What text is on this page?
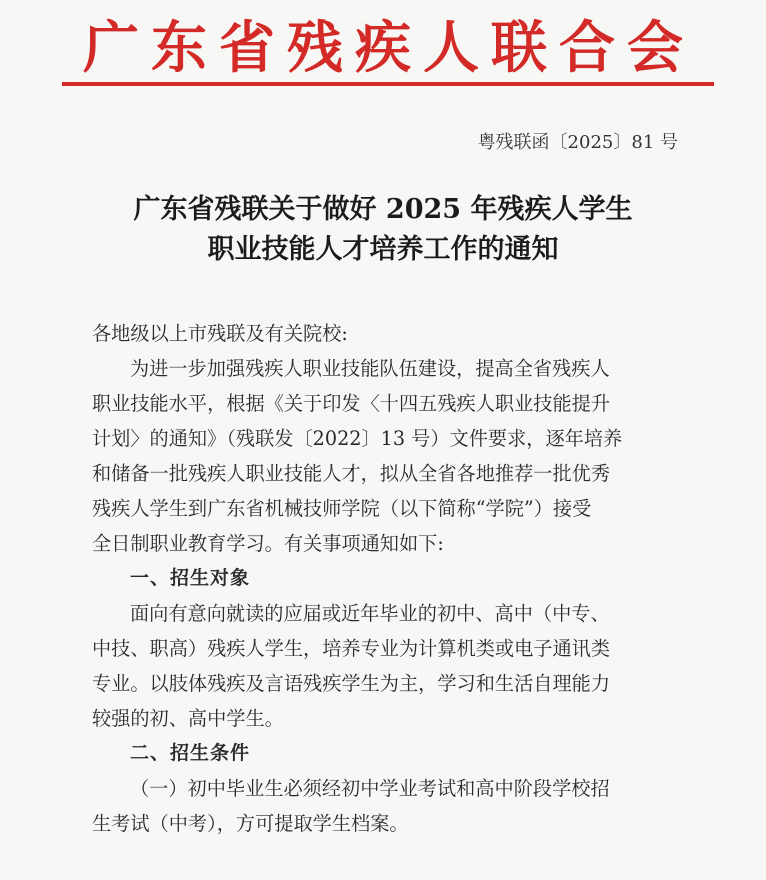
广东省残疾人联合会
粤残联函〔2025〕81 号
广东省残联关于做好 2025 年残疾人学生
职业技能人才培养工作的通知
各地级以上市残联及有关院校:
为进一步加强残疾人职业技能队伍建设，提高全省残疾人
职业技能水平，根据《关于印发〈十四五残疾人职业技能提升
计划〉的通知》（残联发〔2022〕13 号）文件要求，逐年培养
和储备一批残疾人职业技能人才，拟从全省各地推荐一批优秀
残疾人学生到广东省机械技师学院（以下简称“学院”）接受
全日制职业教育学习。有关事项通知如下:
一、招生对象
面向有意向就读的应届或近年毕业的初中、高中（中专、
中技、职高）残疾人学生，培养专业为计算机类或电子通讯类
专业。以肢体残疾及言语残疾学生为主，学习和生活自理能力
较强的初、高中学生。
二、招生条件
（一）初中毕业生必须经初中学业考试和高中阶段学校招
生考试（中考），方可提取学生档案。
